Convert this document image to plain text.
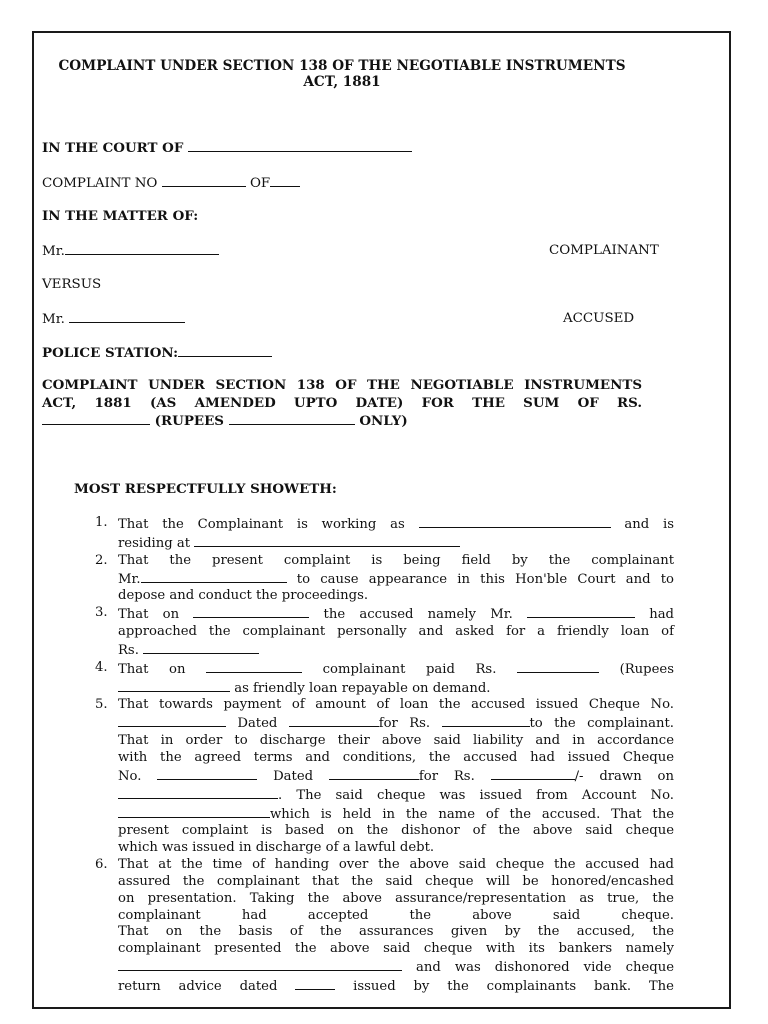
COMPLAINT UNDER SECTION 138 OF THE NEGOTIABLE INSTRUMENTS
ACT, 1881
IN THE COURT OF
COMPLAINT NO	OF
IN THE MATTER OF:
Mr.	COMPLAINANT
VERSUS
Mr.	ACCUSED
POLICE STATION:
COMPLAINT UNDER SECTION 138 OF THE NEGOTIABLE INSTRUMENTS
ACT, 1881 (AS AMENDED UPTO DATE) FOR THE SUM OF RS.
(RUPEES	ONLY)
MOST RESPECTFULLY SHOWETH:
1. That the Complainant is working as	and is
residing at
2. That the present complaint is being field by the complainant
Mr.	to cause appearance in this Hon'ble Court and to
depose and conduct the proceedings.
3. That on	the accused namely Mr.	had
approached the complainant personally and asked for a friendly loan of
Rs.
4. That on	complainant paid Rs.	(Rupees
as friendly loan repayable on demand.
5. That towards payment of amount of loan the accused issued Cheque No.
Dated	for Rs.	to the complainant.
That in order to discharge their above said liability and in accordance
with the agreed terms and conditions, the accused had issued Cheque
No.	Dated	for Rs.	/- drawn on
. The said cheque was issued from Account No.
which is held in the name of the accused. That the
present complaint is based on the dishonor of the above said cheque
which was issued in discharge of a lawful debt.
6. That at the time of handing over the above said cheque the accused had
assured the complainant that the said cheque will be honored/encashed
on presentation. Taking the above assurance/representation as true, the
complainant had accepted the above said cheque.
That on the basis of the assurances given by the accused, the
complainant presented the above said cheque with its bankers namely
and was dishonored vide cheque
return advice dated	issued by the complainants bank. The
